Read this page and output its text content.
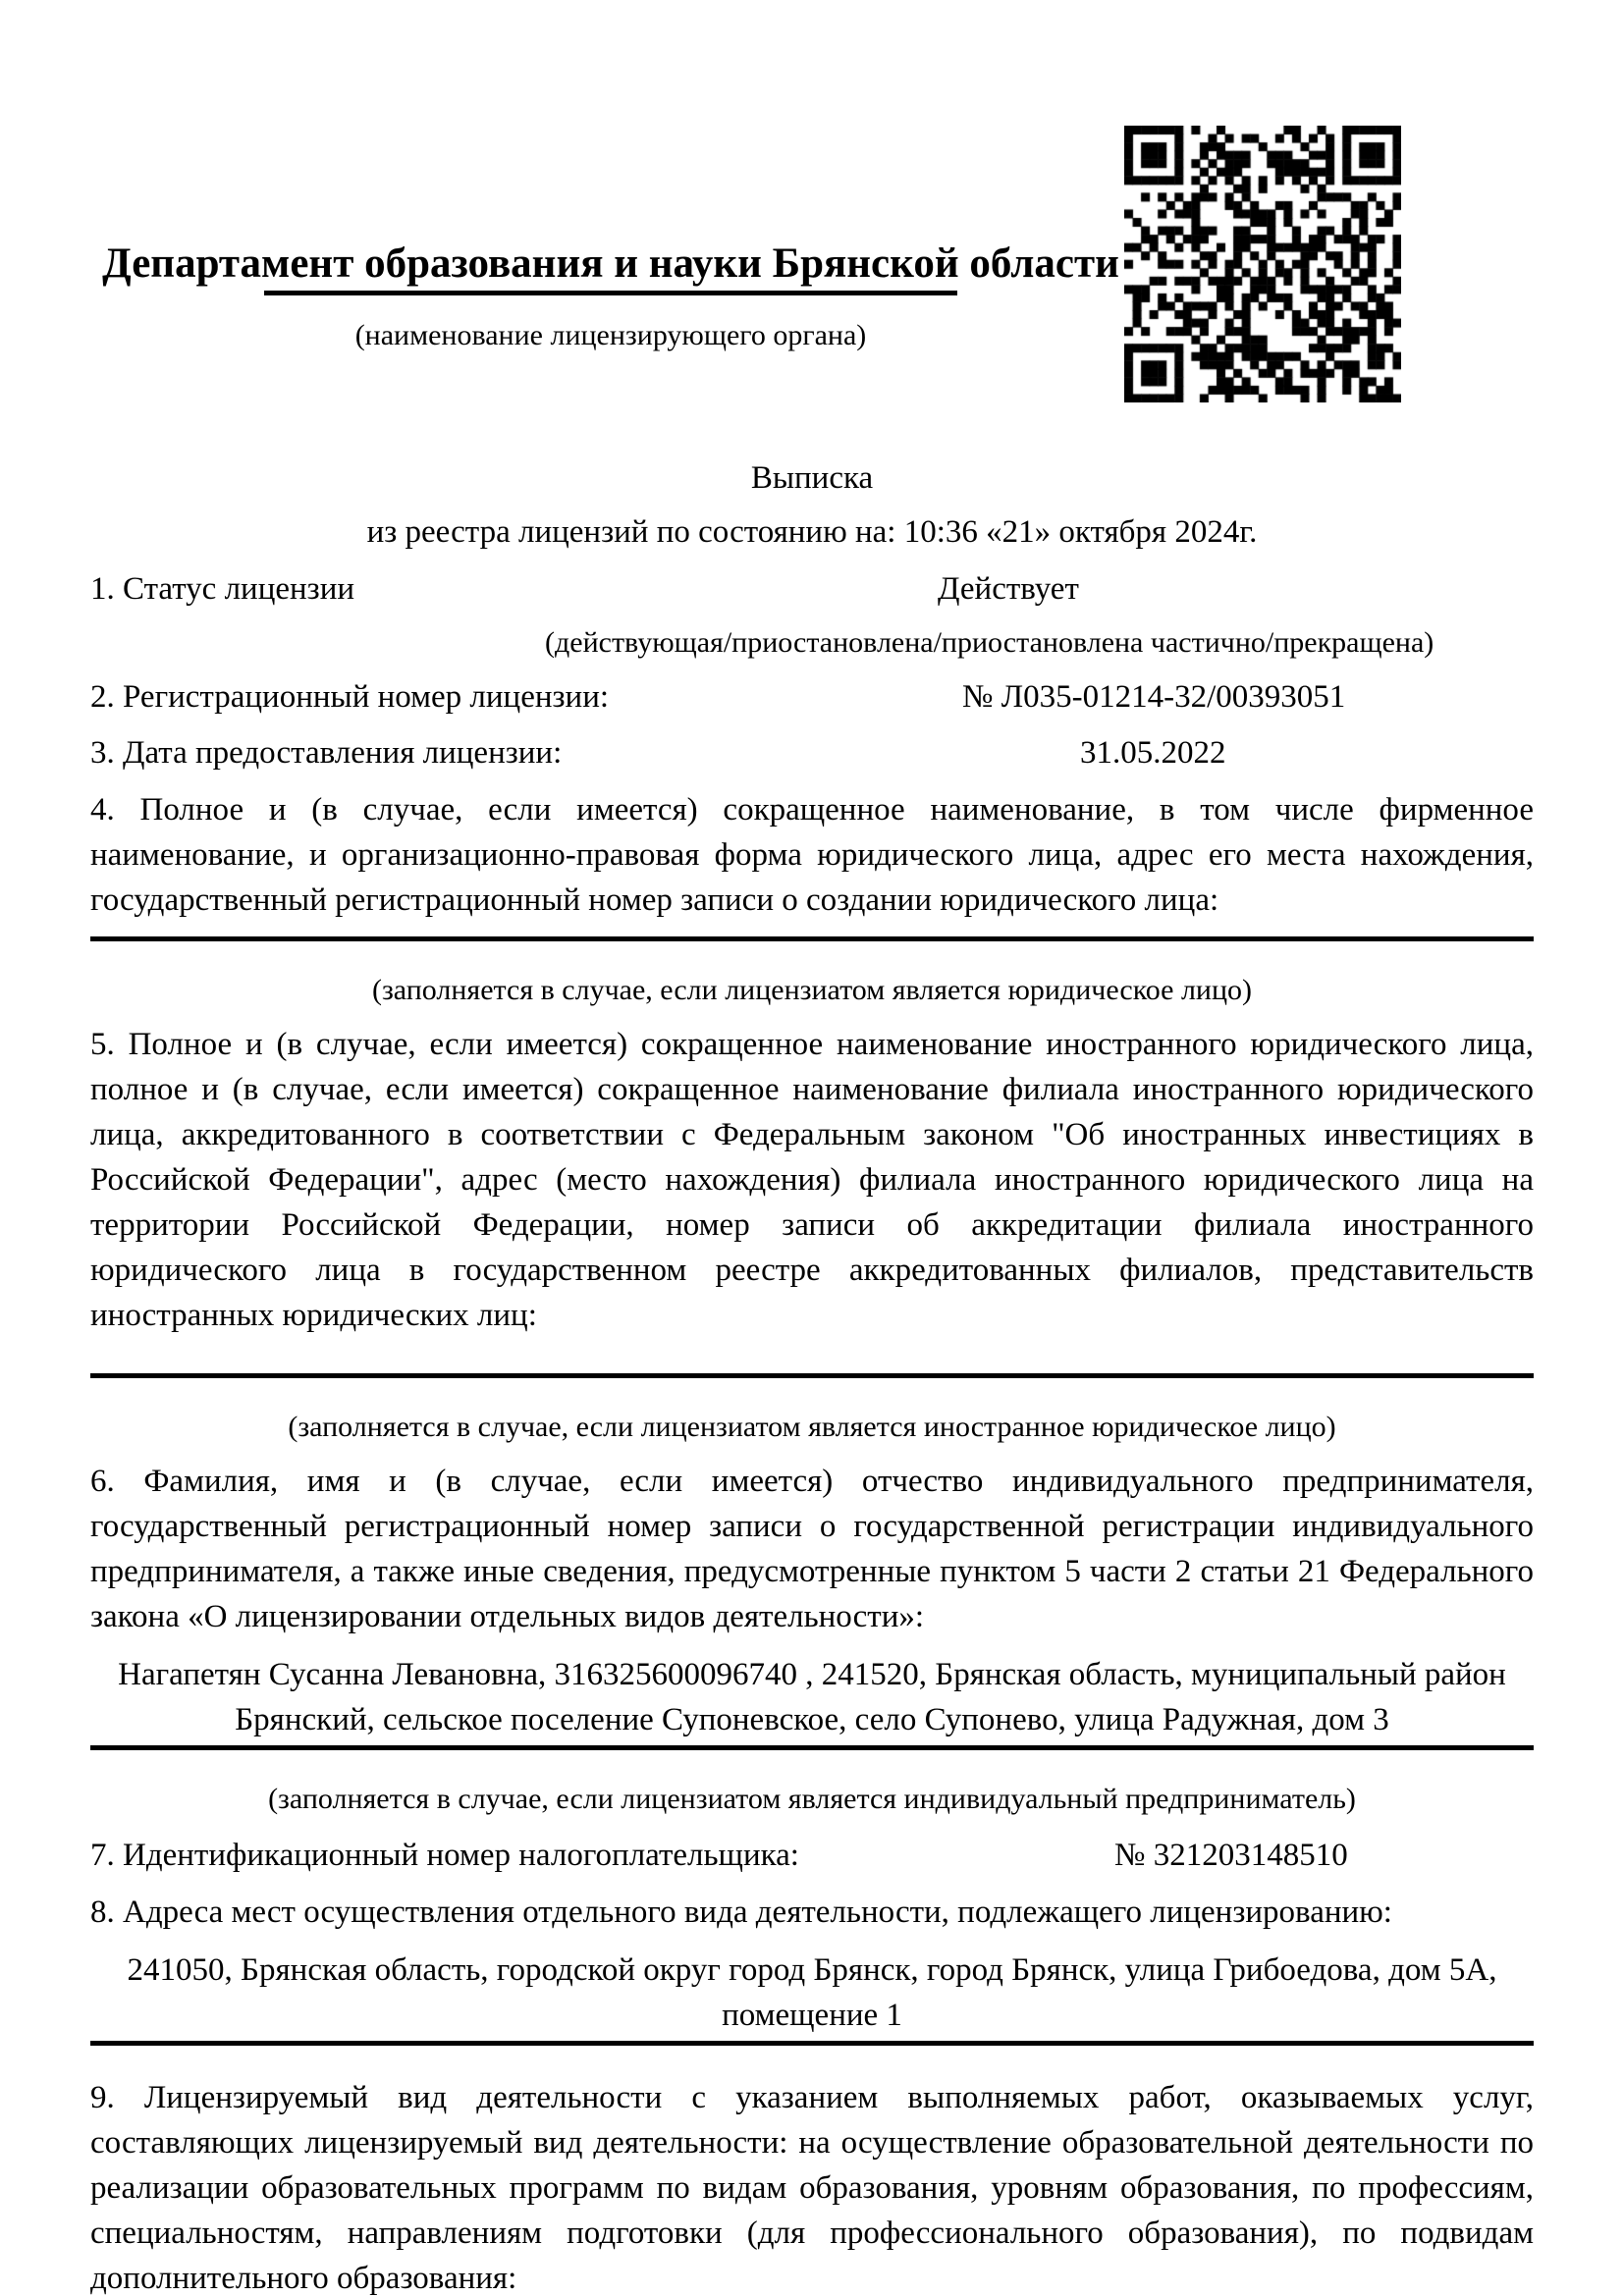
Департамент образования и науки Брянской области
(наименование лицензирующего органа)
Выписка
из реестра лицензий по состоянию на: 10:36 «21» октября 2024г.
1. Статус лицензии	Действует
(действующая/приостановлена/приостановлена частично/прекращена)
2. Регистрационный номер лицензии:	№ Л035-01214-32/00393051
3. Дата предоставления лицензии:	31.05.2022
4. Полное и (в случае, если имеется) сокращенное наименование, в том числе фирменное наименование, и организационно-правовая форма юридического лица, адрес его места нахождения, государственный регистрационный номер записи о создании юридического лица:
(заполняется в случае, если лицензиатом является юридическое лицо)
5. Полное и (в случае, если имеется) сокращенное наименование иностранного юридического лица, полное и (в случае, если имеется) сокращенное наименование филиала иностранного юридического лица, аккредитованного в соответствии с Федеральным законом "Об иностранных инвестициях в Российской Федерации", адрес (место нахождения) филиала иностранного юридического лица на территории Российской Федерации, номер записи об аккредитации филиала иностранного юридического лица в государственном реестре аккредитованных филиалов, представительств иностранных юридических лиц:
(заполняется в случае, если лицензиатом является иностранное юридическое лицо)
6. Фамилия, имя и (в случае, если имеется) отчество индивидуального предпринимателя, государственный регистрационный номер записи о государственной регистрации индивидуального предпринимателя, а также иные сведения, предусмотренные пунктом 5 части 2 статьи 21 Федерального закона «О лицензировании отдельных видов деятельности»:
Нагапетян Сусанна Левановна, 316325600096740 , 241520, Брянская область, муниципальный район Брянский, сельское поселение Супоневское, село Супонево, улица Радужная, дом 3
(заполняется в случае, если лицензиатом является индивидуальный предприниматель)
7. Идентификационный номер налогоплательщика:	№ 321203148510
8. Адреса мест осуществления отдельного вида деятельности, подлежащего лицензированию:
241050, Брянская область, городской округ город Брянск, город Брянск, улица Грибоедова, дом 5А, помещение 1
9. Лицензируемый вид деятельности с указанием выполняемых работ, оказываемых услуг, составляющих лицензируемый вид деятельности: на осуществление образовательной деятельности по реализации образовательных программ по видам образования, уровням образования, по профессиям, специальностям, направлениям подготовки (для профессионального образования), по подвидам дополнительного образования:
